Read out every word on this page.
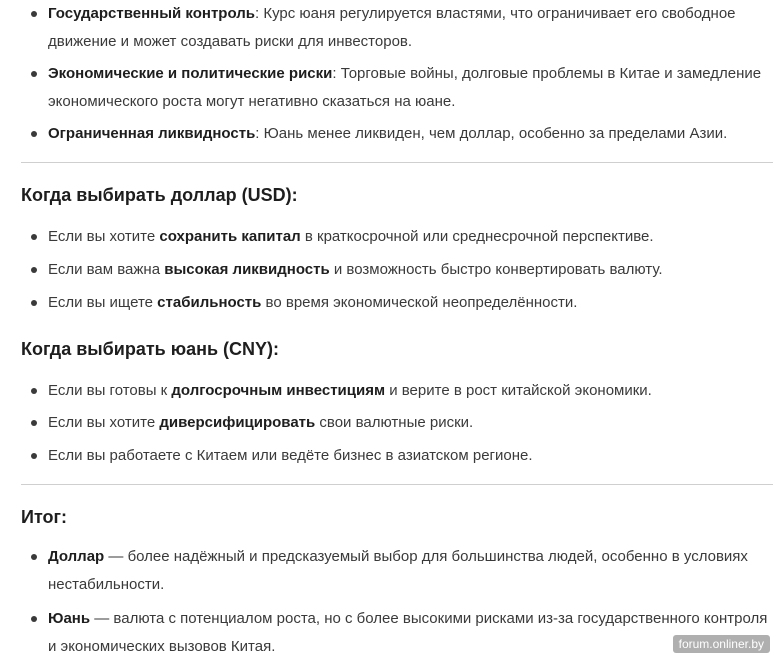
Государственный контроль: Курс юаня регулируется властями, что ограничивает его свободное движение и может создавать риски для инвесторов.
Экономические и политические риски: Торговые войны, долговые проблемы в Китае и замедление экономического роста могут негативно сказаться на юане.
Ограниченная ликвидность: Юань менее ликвиден, чем доллар, особенно за пределами Азии.
Когда выбирать доллар (USD):
Если вы хотите сохранить капитал в краткосрочной или среднесрочной перспективе.
Если вам важна высокая ликвидность и возможность быстро конвертировать валюту.
Если вы ищете стабильность во время экономической неопределённости.
Когда выбирать юань (CNY):
Если вы готовы к долгосрочным инвестициям и верите в рост китайской экономики.
Если вы хотите диверсифицировать свои валютные риски.
Если вы работаете с Китаем или ведёте бизнес в азиатском регионе.
Итог:
Доллар — более надёжный и предсказуемый выбор для большинства людей, особенно в условиях нестабильности.
Юань — валюта с потенциалом роста, но с более высокими рисками из-за государственного контроля и экономических вызовов Китая.	forum.onliner.by
